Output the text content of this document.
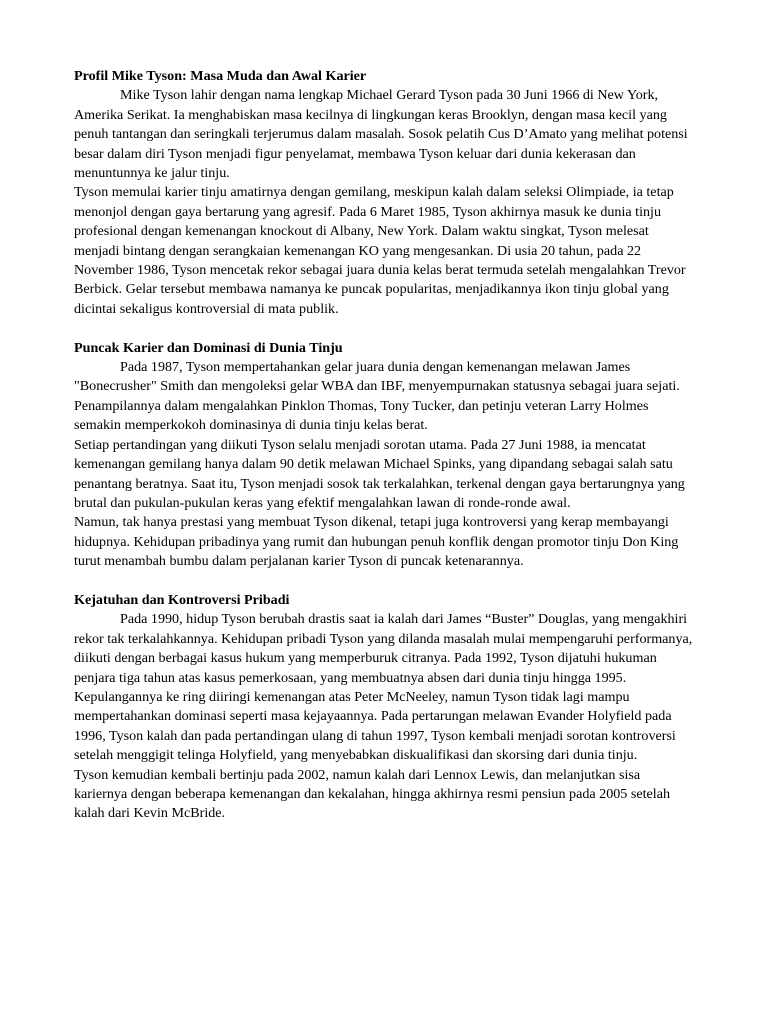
Profil Mike Tyson: Masa Muda dan Awal Karier

Mike Tyson lahir dengan nama lengkap Michael Gerard Tyson pada 30 Juni 1966 di New York, Amerika Serikat. Ia menghabiskan masa kecilnya di lingkungan keras Brooklyn, dengan masa kecil yang penuh tantangan dan seringkali terjerumus dalam masalah. Sosok pelatih Cus D’Amato yang melihat potensi besar dalam diri Tyson menjadi figur penyelamat, membawa Tyson keluar dari dunia kekerasan dan menuntunnya ke jalur tinju.

Tyson memulai karier tinju amatirnya dengan gemilang, meskipun kalah dalam seleksi Olimpiade, ia tetap menonjol dengan gaya bertarung yang agresif. Pada 6 Maret 1985, Tyson akhirnya masuk ke dunia tinju profesional dengan kemenangan knockout di Albany, New York. Dalam waktu singkat, Tyson melesat menjadi bintang dengan serangkaian kemenangan KO yang mengesankan. Di usia 20 tahun, pada 22 November 1986, Tyson mencetak rekor sebagai juara dunia kelas berat termuda setelah mengalahkan Trevor Berbick. Gelar tersebut membawa namanya ke puncak popularitas, menjadikannya ikon tinju global yang dicintai sekaligus kontroversial di mata publik.

Puncak Karier dan Dominasi di Dunia Tinju

Pada 1987, Tyson mempertahankan gelar juara dunia dengan kemenangan melawan James "Bonecrusher" Smith dan mengoleksi gelar WBA dan IBF, menyempurnakan statusnya sebagai juara sejati. Penampilannya dalam mengalahkan Pinklon Thomas, Tony Tucker, dan petinju veteran Larry Holmes semakin memperkokoh dominasinya di dunia tinju kelas berat.

Setiap pertandingan yang diikuti Tyson selalu menjadi sorotan utama. Pada 27 Juni 1988, ia mencatat kemenangan gemilang hanya dalam 90 detik melawan Michael Spinks, yang dipandang sebagai salah satu penantang beratnya. Saat itu, Tyson menjadi sosok tak terkalahkan, terkenal dengan gaya bertarungnya yang brutal dan pukulan-pukulan keras yang efektif mengalahkan lawan di ronde-ronde awal.

Namun, tak hanya prestasi yang membuat Tyson dikenal, tetapi juga kontroversi yang kerap membayangi hidupnya. Kehidupan pribadinya yang rumit dan hubungan penuh konflik dengan promotor tinju Don King turut menambah bumbu dalam perjalanan karier Tyson di puncak ketenarannya.

Kejatuhan dan Kontroversi Pribadi

Pada 1990, hidup Tyson berubah drastis saat ia kalah dari James “Buster” Douglas, yang mengakhiri rekor tak terkalahkannya. Kehidupan pribadi Tyson yang dilanda masalah mulai mempengaruhi performanya, diikuti dengan berbagai kasus hukum yang memperburuk citranya. Pada 1992, Tyson dijatuhi hukuman penjara tiga tahun atas kasus pemerkosaan, yang membuatnya absen dari dunia tinju hingga 1995.

Kepulangannya ke ring diiringi kemenangan atas Peter McNeeley, namun Tyson tidak lagi mampu mempertahankan dominasi seperti masa kejayaannya. Pada pertarungan melawan Evander Holyfield pada 1996, Tyson kalah dan pada pertandingan ulang di tahun 1997, Tyson kembali menjadi sorotan kontroversi setelah menggigit telinga Holyfield, yang menyebabkan diskualifikasi dan skorsing dari dunia tinju.

Tyson kemudian kembali bertinju pada 2002, namun kalah dari Lennox Lewis, dan melanjutkan sisa kariernya dengan beberapa kemenangan dan kekalahan, hingga akhirnya resmi pensiun pada 2005 setelah kalah dari Kevin McBride.
